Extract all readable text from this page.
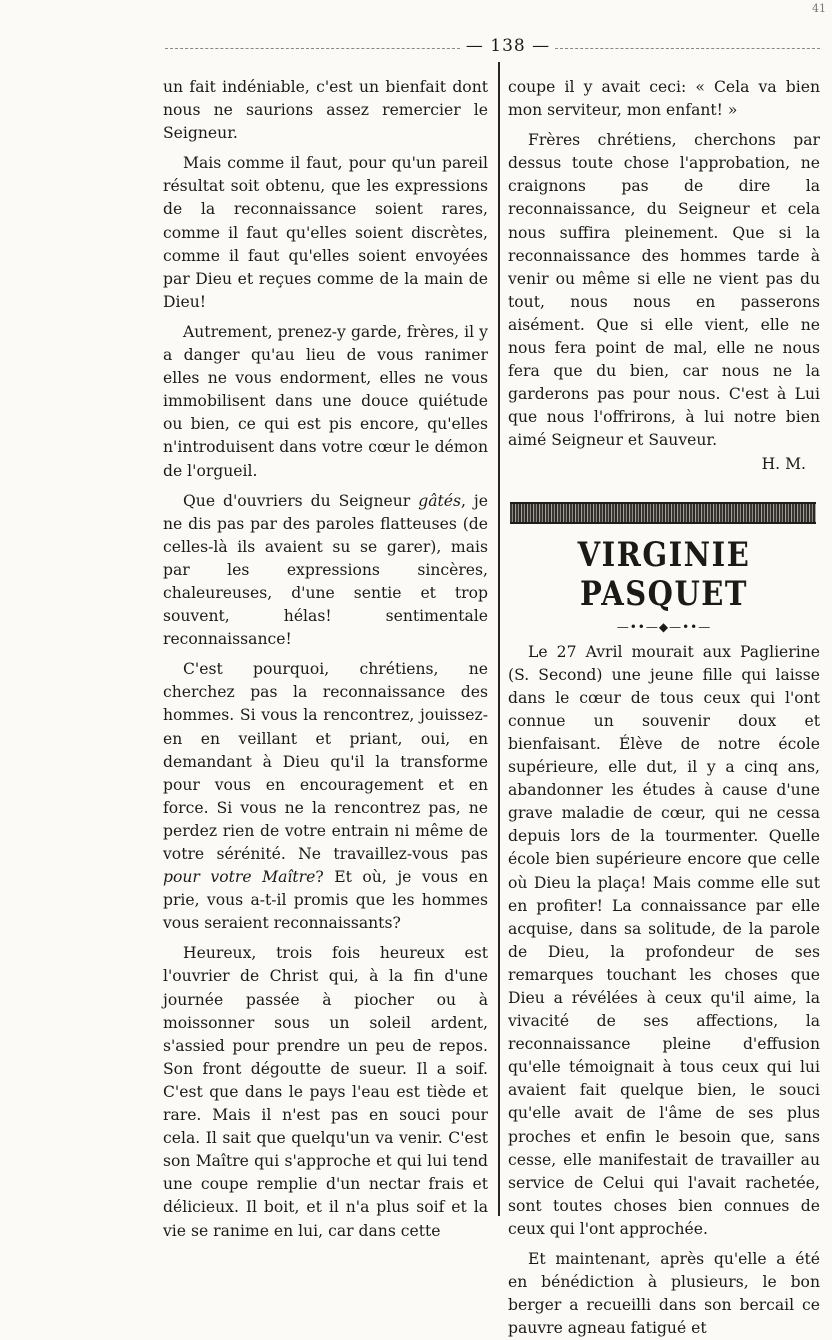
41
— 138 —

un fait indéniable, c'est un bienfait dont nous ne saurions assez remercier le Seigneur.

Mais comme il faut, pour qu'un pareil résultat soit obtenu, que les expressions de la reconnaissance soient rares, comme il faut qu'elles soient discrètes, comme il faut qu'elles soient envoyées par Dieu et reçues comme de la main de Dieu!

Autrement, prenez-y garde, frères, il y a danger qu'au lieu de vous ranimer elles ne vous endorment, elles ne vous immobilisent dans une douce quiétude ou bien, ce qui est pis encore, qu'elles n'introduisent dans votre cœur le démon de l'orgueil.

Que d'ouvriers du Seigneur gâtés, je ne dis pas par des paroles flatteuses (de celles-là ils avaient su se garer), mais par les expressions sincères, chaleureuses, d'une sentie et trop souvent, hélas! sentimentale reconnaissance!

C'est pourquoi, chrétiens, ne cherchez pas la reconnaissance des hommes. Si vous la rencontrez, jouissez-en en veillant et priant, oui, en demandant à Dieu qu'il la transforme pour vous en encouragement et en force. Si vous ne la rencontrez pas, ne perdez rien de votre entrain ni même de votre sérénité. Ne travaillez-vous pas pour votre Maître? Et où, je vous en prie, vous a-t-il promis que les hommes vous seraient reconnaissants?

Heureux, trois fois heureux est l'ouvrier de Christ qui, à la fin d'une journée passée à piocher ou à moissonner sous un soleil ardent, s'assied pour prendre un peu de repos. Son front dégoutte de sueur. Il a soif. C'est que dans le pays l'eau est tiède et rare. Mais il n'est pas en souci pour cela. Il sait que quelqu'un va venir. C'est son Maître qui s'approche et qui lui tend une coupe remplie d'un nectar frais et délicieux. Il boit, et il n'a plus soif et la vie se ranime en lui, car dans cette

coupe il y avait ceci: « Cela va bien mon serviteur, mon enfant! »

Frères chrétiens, cherchons par dessus toute chose l'approbation, ne craignons pas de dire la reconnaissance, du Seigneur et cela nous suffira pleinement. Que si la reconnaissance des hommes tarde à venir ou même si elle ne vient pas du tout, nous nous en passerons aisément. Que si elle vient, elle ne nous fera point de mal, elle ne nous fera que du bien, car nous ne la garderons pas pour nous. C'est à Lui que nous l'offrirons, à lui notre bien aimé Seigneur et Sauveur.

H. M.

VIRGINIE PASQUET
—••—◆—••—

Le 27 Avril mourait aux Paglierine (S. Second) une jeune fille qui laisse dans le cœur de tous ceux qui l'ont connue un souvenir doux et bienfaisant. Élève de notre école supérieure, elle dut, il y a cinq ans, abandonner les études à cause d'une grave maladie de cœur, qui ne cessa depuis lors de la tourmenter. Quelle école bien supérieure encore que celle où Dieu la plaça! Mais comme elle sut en profiter! La connaissance par elle acquise, dans sa solitude, de la parole de Dieu, la profondeur de ses remarques touchant les choses que Dieu a révélées à ceux qu'il aime, la vivacité de ses affections, la reconnaissance pleine d'effusion qu'elle témoignait à tous ceux qui lui avaient fait quelque bien, le souci qu'elle avait de l'âme de ses plus proches et enfin le besoin que, sans cesse, elle manifestait de travailler au service de Celui qui l'avait rachetée, sont toutes choses bien connues de ceux qui l'ont approchée.

Et maintenant, après qu'elle a été en bénédiction à plusieurs, le bon berger a recueilli dans son bercail ce pauvre agneau fatigué et
